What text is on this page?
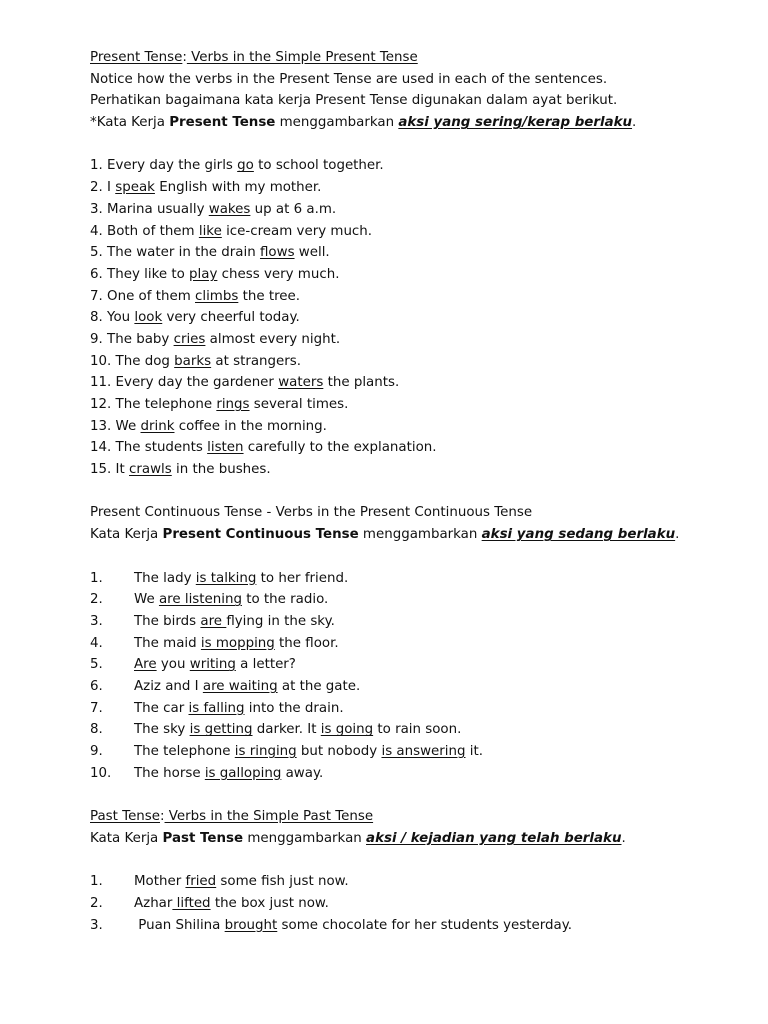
Present Tense: Verbs in the Simple Present Tense
Notice how the verbs in the Present Tense are used in each of the sentences.
Perhatikan bagaimana kata kerja Present Tense digunakan dalam ayat berikut.
*Kata Kerja Present Tense menggambarkan aksi yang sering/kerap berlaku.
1. Every day the girls go to school together.
2. I speak English with my mother.
3. Marina usually wakes up at 6 a.m.
4. Both of them like ice-cream very much.
5. The water in the drain flows well.
6. They like to play chess very much.
7. One of them climbs the tree.
8. You look very cheerful today.
9. The baby cries almost every night.
10. The dog barks at strangers.
11. Every day the gardener waters the plants.
12. The telephone rings several times.
13. We drink coffee in the morning.
14. The students listen carefully to the explanation.
15. It crawls in the bushes.
Present Continuous Tense - Verbs in the Present Continuous Tense
Kata Kerja Present Continuous Tense menggambarkan aksi yang sedang berlaku.
1.	The lady is talking to her friend.
2.	We are listening to the radio.
3.	The birds are flying in the sky.
4.	The maid is mopping the floor.
5.	Are you writing a letter?
6.	Aziz and I are waiting at the gate.
7.	The car is falling into the drain.
8.	The sky is getting darker. It is going to rain soon.
9.	The telephone is ringing but nobody is answering it.
10.	The horse is galloping away.
Past Tense: Verbs in the Simple Past Tense
Kata Kerja Past Tense menggambarkan aksi / kejadian yang telah berlaku.
1.	Mother fried some fish just now.
2.	Azhar lifted the box just now.
3.	Puan Shilina brought some chocolate for her students yesterday.
